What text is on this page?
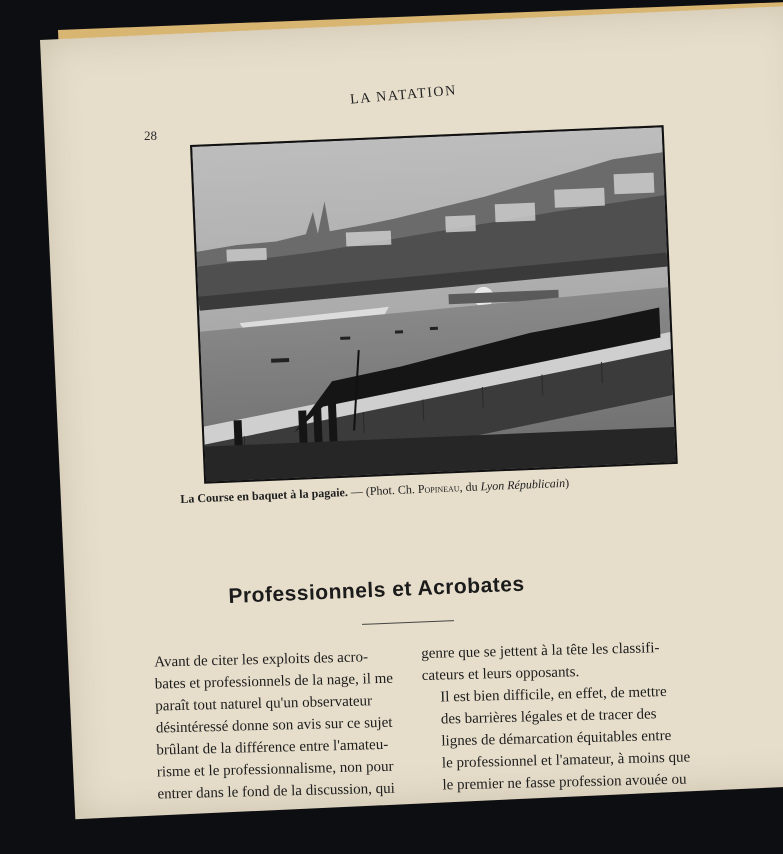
LA NATATION
28
La Course en baquet à la pagaie. — (Phot. Ch. Popineau, du Lyon Républicain)
Professionnels et Acrobates

Avant de citer les exploits des acro-
bates et professionnels de la nage, il me
paraît tout naturel qu'un observateur
désintéressé donne son avis sur ce sujet
brûlant de la différence entre l'amateu-
risme et le professionnalisme, non pour
entrer dans le fond de la discussion, qui

genre que se jettent à la tête les classifi-
cateurs et leurs opposants.

Il est bien difficile, en effet, de mettre
des barrières légales et de tracer des
lignes de démarcation équitables entre
le professionnel et l'amateur, à moins que
le premier ne fasse profession avouée ou
